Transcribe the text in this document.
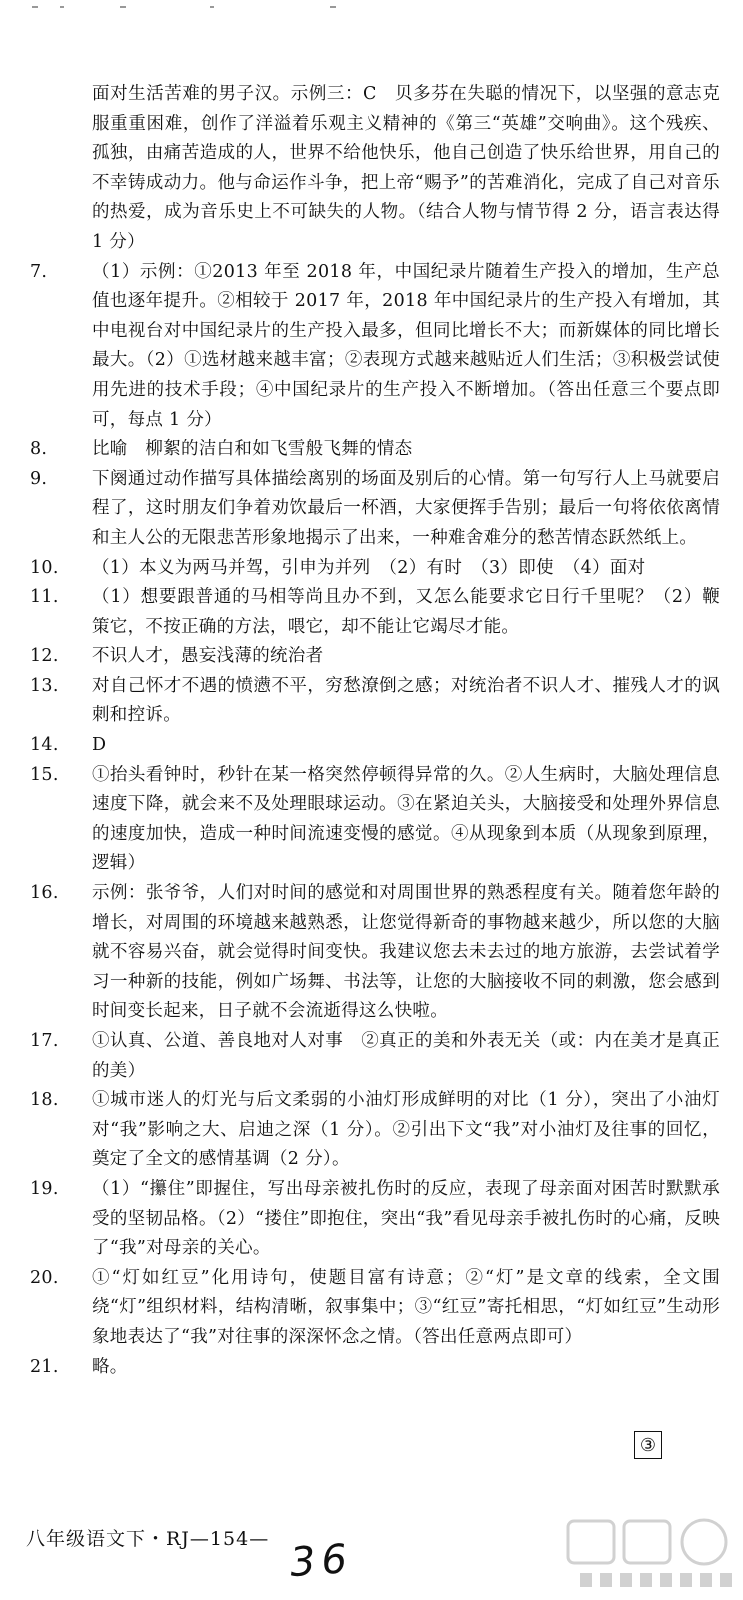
面对生活苦难的男子汉。示例三：C　贝多芬在失聪的情况下，以坚强的意志克服重重困难，创作了洋溢着乐观主义精神的《第三“英雄”交响曲》。这个残疾、孤独，由痛苦造成的人，世界不给他快乐，他自己创造了快乐给世界，用自己的不幸铸成动力。他与命运作斗争，把上帝“赐予”的苦难消化，完成了自己对音乐的热爱，成为音乐史上不可缺失的人物。（结合人物与情节得 2 分，语言表达得 1 分）

7.	（1）示例：①2013 年至 2018 年，中国纪录片随着生产投入的增加，生产总值也逐年提升。②相较于 2017 年，2018 年中国纪录片的生产投入有增加，其中电视台对中国纪录片的生产投入最多，但同比增长不大；而新媒体的同比增长最大。（2）①选材越来越丰富；②表现方式越来越贴近人们生活；③积极尝试使用先进的技术手段；④中国纪录片的生产投入不断增加。（答出任意三个要点即可，每点 1 分）

8.	比喻　柳絮的洁白和如飞雪般飞舞的情态

9.	下阕通过动作描写具体描绘离别的场面及别后的心情。第一句写行人上马就要启程了，这时朋友们争着劝饮最后一杯酒，大家便挥手告别；最后一句将依依离情和主人公的无限悲苦形象地揭示了出来，一种难舍难分的愁苦情态跃然纸上。

10. （1）本义为两马并驾，引申为并列　（2）有时　（3）即使　（4）面对

11. （1）想要跟普通的马相等尚且办不到，又怎么能要求它日行千里呢？（2）鞭策它，不按正确的方法，喂它，却不能让它竭尽才能。

12. 不识人才，愚妄浅薄的统治者

13. 对自己怀才不遇的愤懑不平，穷愁潦倒之感；对统治者不识人才、摧残人才的讽刺和控诉。

14. D

15. ①抬头看钟时，秒针在某一格突然停顿得异常的久。②人生病时，大脑处理信息速度下降，就会来不及处理眼球运动。③在紧迫关头，大脑接受和处理外界信息的速度加快，造成一种时间流速变慢的感觉。④从现象到本质（从现象到原理，逻辑）

16. 示例：张爷爷，人们对时间的感觉和对周围世界的熟悉程度有关。随着您年龄的增长，对周围的环境越来越熟悉，让您觉得新奇的事物越来越少，所以您的大脑就不容易兴奋，就会觉得时间变快。我建议您去未去过的地方旅游，去尝试着学习一种新的技能，例如广场舞、书法等，让您的大脑接收不同的刺激，您会感到时间变长起来，日子就不会流逝得这么快啦。

17. ①认真、公道、善良地对人对事　②真正的美和外表无关（或：内在美才是真正的美）

18. ①城市迷人的灯光与后文柔弱的小油灯形成鲜明的对比（1 分），突出了小油灯对“我”影响之大、启迪之深（1 分）。②引出下文“我”对小油灯及往事的回忆，奠定了全文的感情基调（2 分）。

19. （1）“攥住”即握住，写出母亲被扎伤时的反应，表现了母亲面对困苦时默默承受的坚韧品格。（2）“搂住”即抱住，突出“我”看见母亲手被扎伤时的心痛，反映了“我”对母亲的关心。

20. ①“灯如红豆”化用诗句，使题目富有诗意；②“灯”是文章的线索，全文围绕“灯”组织材料，结构清晰，叙事集中；③“红豆”寄托相思，“灯如红豆”生动形象地表达了“我”对往事的深深怀念之情。（答出任意两点即可）

21. 略。

③
八年级语文下・RJ—154— 36
